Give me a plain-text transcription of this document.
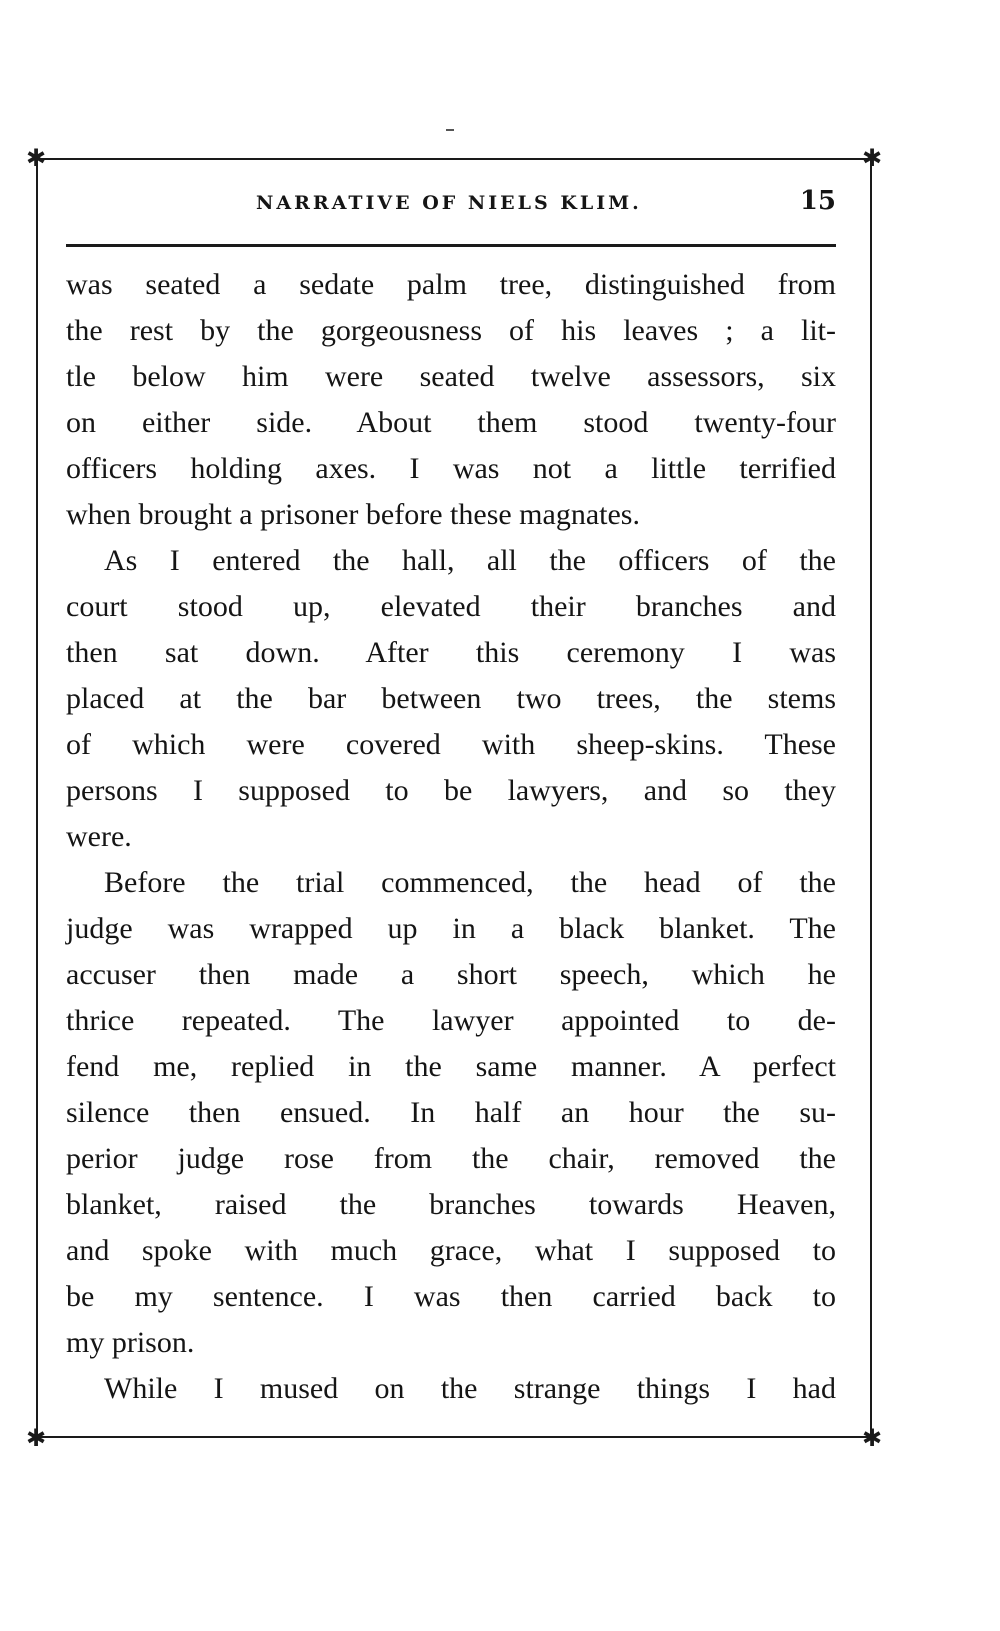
✱	✱
✱	✱
NARRATIVE OF NIELS KLIM.	15
was seated a sedate palm tree, distinguished from
the rest by the gorgeousness of his leaves ; a lit-
tle below him were seated twelve assessors, six
on either side. About them stood twenty-four
officers holding axes. I was not a little terrified
when brought a prisoner before these magnates.
As I entered the hall, all the officers of the
court stood up, elevated their branches and
then sat down. After this ceremony I was
placed at the bar between two trees, the stems
of which were covered with sheep-skins. These
persons I supposed to be lawyers, and so they
were.
Before the trial commenced, the head of the
judge was wrapped up in a black blanket. The
accuser then made a short speech, which he
thrice repeated. The lawyer appointed to de-
fend me, replied in the same manner. A perfect
silence then ensued. In half an hour the su-
perior judge rose from the chair, removed the
blanket, raised the branches towards Heaven,
and spoke with much grace, what I supposed to
be my sentence. I was then carried back to
my prison.
While I mused on the strange things I had
